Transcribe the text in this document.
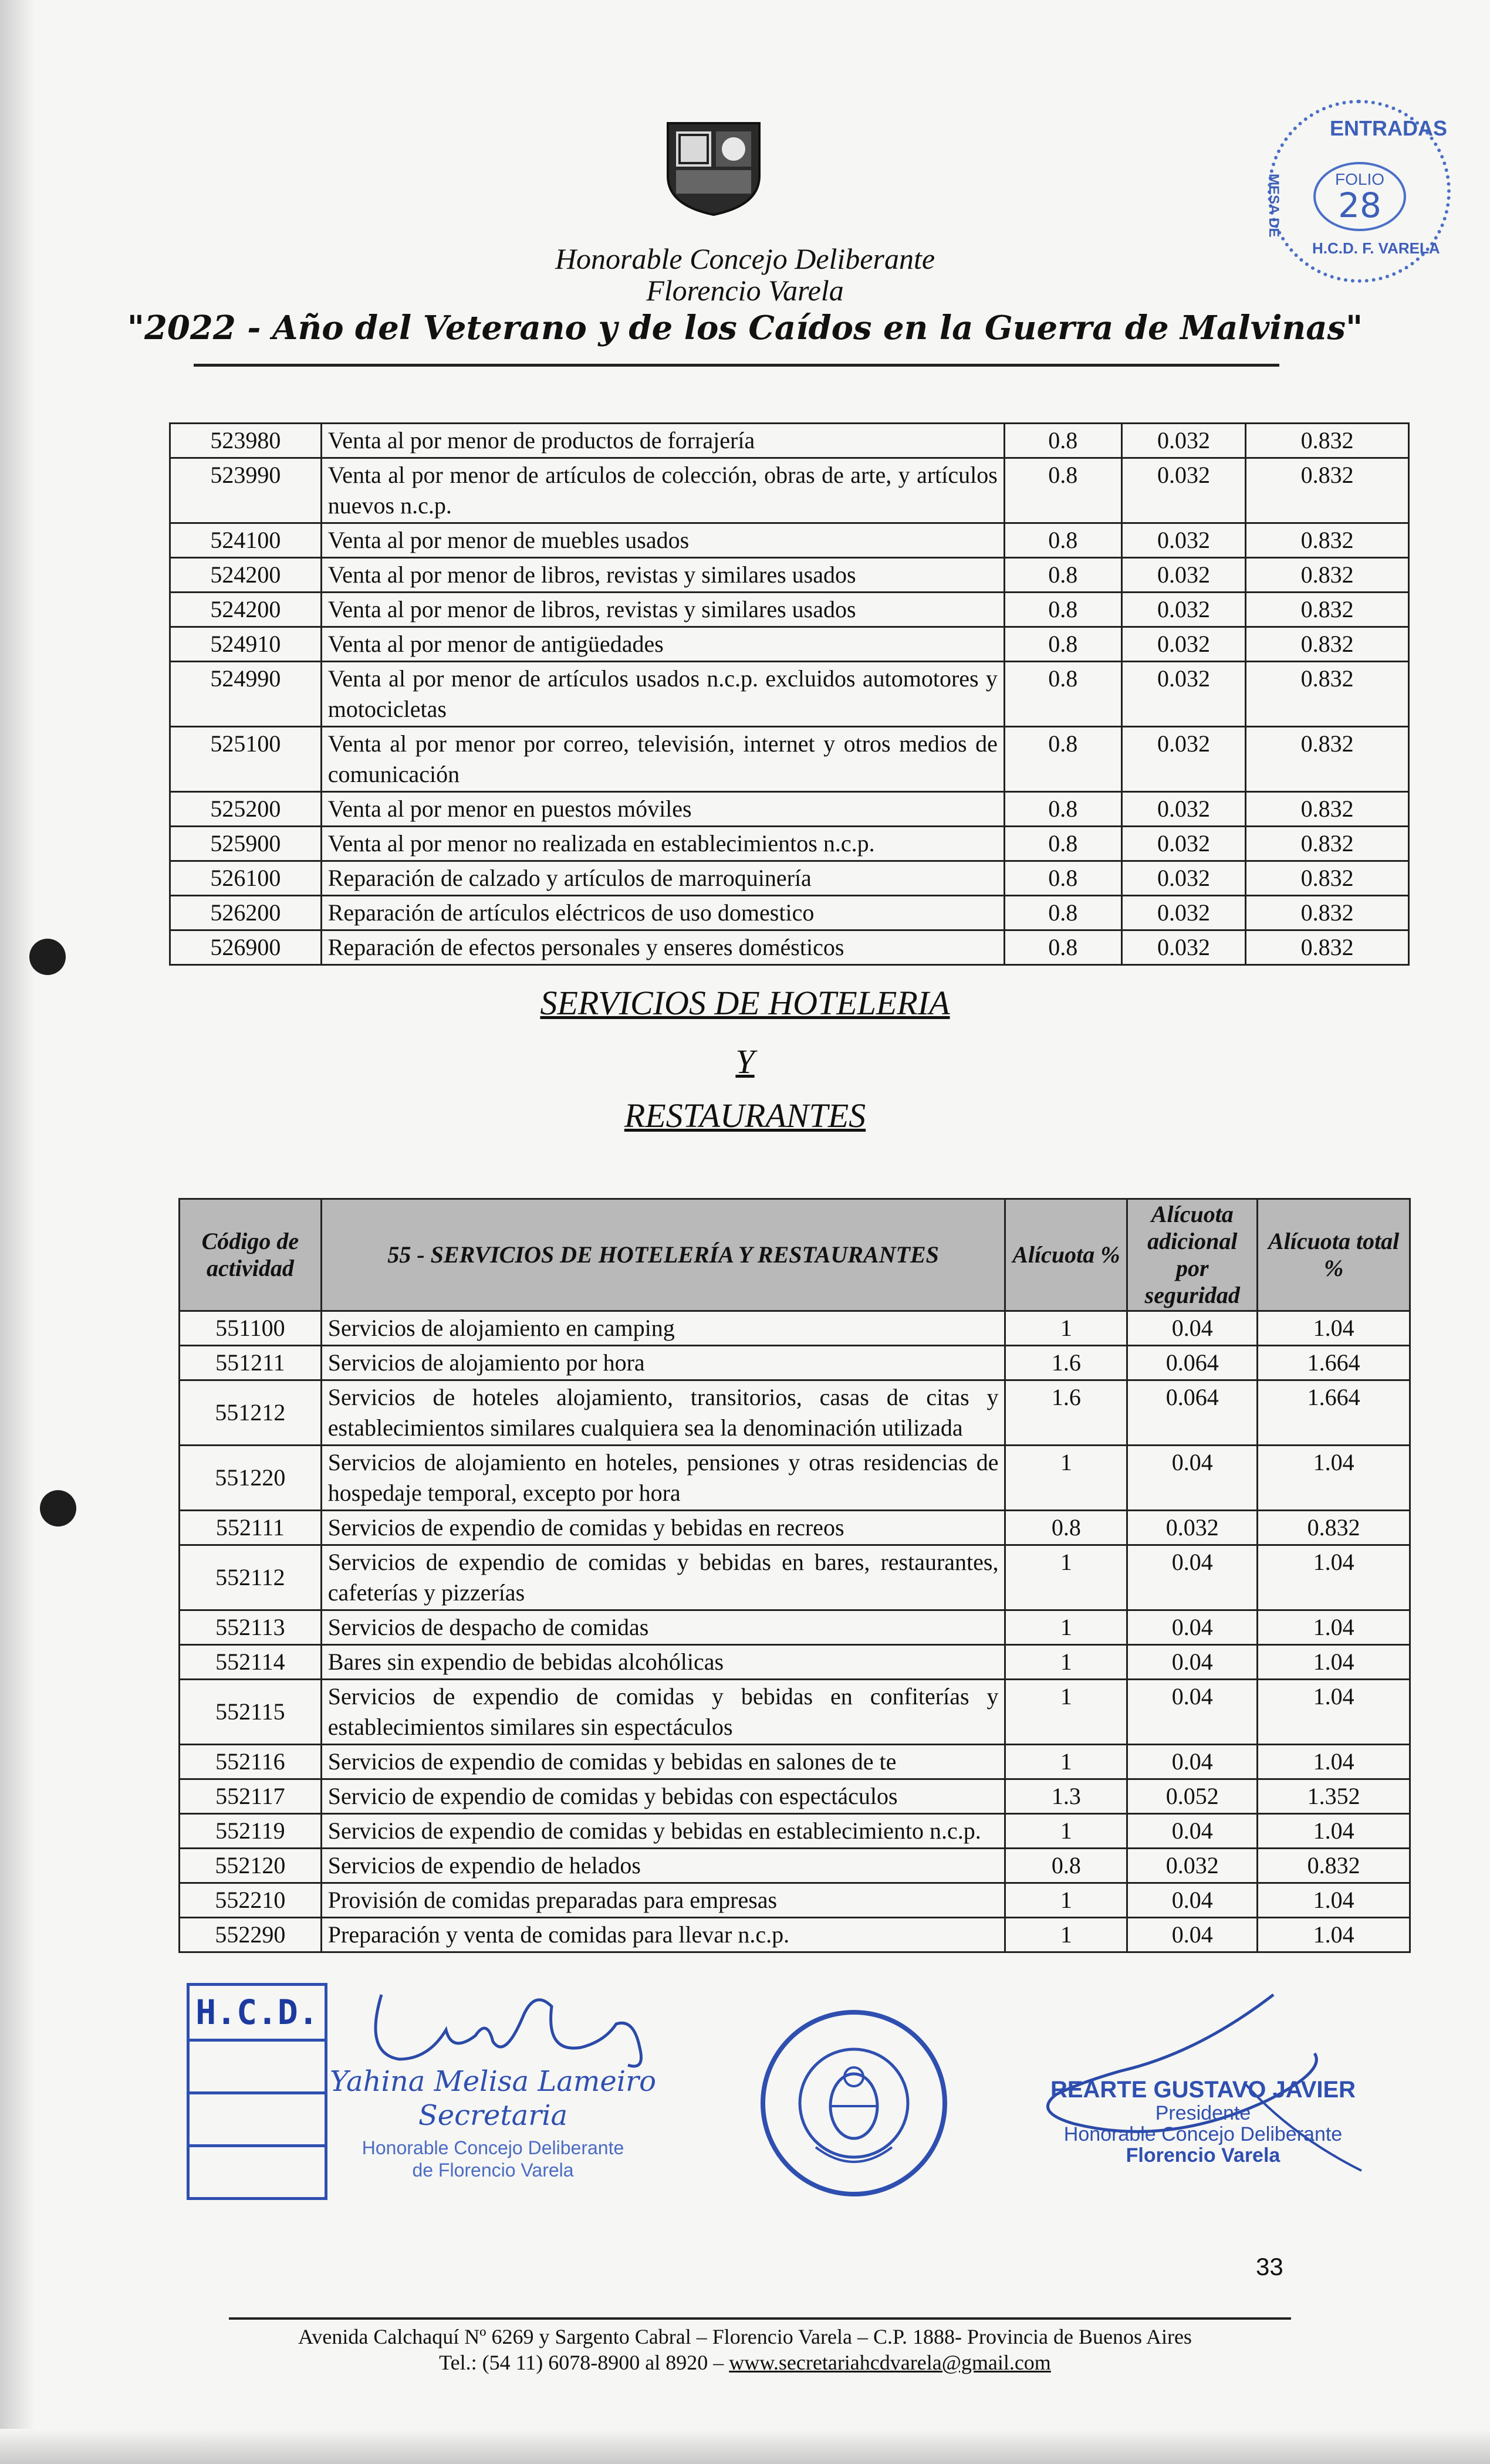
Honorable Concejo Deliberante
Florencio Varela
"2022 - Año del Veterano y de los Caídos en la Guerra de Malvinas"
ENTRADAS
MESA DE	FOLIO
28
H.C.D. F. VARELA
523980	Venta al por menor de productos de forrajería	0.8	0.032	0.832
523990	Venta al por menor de artículos de colección, obras de arte, y artículos nuevos n.c.p.	0.8	0.032	0.832
524100	Venta al por menor de muebles usados	0.8	0.032	0.832
524200	Venta al por menor de libros, revistas y similares usados	0.8	0.032	0.832
524200	Venta al por menor de libros, revistas y similares usados	0.8	0.032	0.832
524910	Venta al por menor de antigüedades	0.8	0.032	0.832
524990	Venta al por menor de artículos usados n.c.p. excluidos automotores y motocicletas	0.8	0.032	0.832
525100	Venta al por menor por correo, televisión, internet y otros medios de comunicación	0.8	0.032	0.832
525200	Venta al por menor en puestos móviles	0.8	0.032	0.832
525900	Venta al por menor no realizada en establecimientos n.c.p.	0.8	0.032	0.832
526100	Reparación de calzado y artículos de marroquinería	0.8	0.032	0.832
526200	Reparación de artículos eléctricos de uso domestico	0.8	0.032	0.832
526900	Reparación de efectos personales y enseres domésticos	0.8	0.032	0.832
SERVICIOS DE HOTELERIA
Y
RESTAURANTES
Código de actividad	55 - SERVICIOS DE HOTELERÍA Y RESTAURANTES	Alícuota %	Alícuota adicional por seguridad	Alícuota total %
551100	Servicios de alojamiento en camping	1	0.04	1.04
551211	Servicios de alojamiento por hora	1.6	0.064	1.664
551212	Servicios de hoteles alojamiento, transitorios, casas de citas y establecimientos similares cualquiera sea la denominación utilizada	1.6	0.064	1.664
551220	Servicios de alojamiento en hoteles, pensiones y otras residencias de hospedaje temporal, excepto por hora	1	0.04	1.04
552111	Servicios de expendio de comidas y bebidas en recreos	0.8	0.032	0.832
552112	Servicios de expendio de comidas y bebidas en bares, restaurantes, cafeterías y pizzerías	1	0.04	1.04
552113	Servicios de despacho de comidas	1	0.04	1.04
552114	Bares sin expendio de bebidas alcohólicas	1	0.04	1.04
552115	Servicios de expendio de comidas y bebidas en confiterías y establecimientos similares sin espectáculos	1	0.04	1.04
552116	Servicios de expendio de comidas y bebidas en salones de te	1	0.04	1.04
552117	Servicio de expendio de comidas y bebidas con espectáculos	1.3	0.052	1.352
552119	Servicios de expendio de comidas y bebidas en establecimiento n.c.p.	1	0.04	1.04
552120	Servicios de expendio de helados	0.8	0.032	0.832
552210	Provisión de comidas preparadas para empresas	1	0.04	1.04
552290	Preparación y venta de comidas para llevar n.c.p.	1	0.04	1.04
H.C.D.
Yahina Melisa Lameiro
Secretaria
Honorable Concejo Deliberante
de Florencio Varela
REARTE GUSTAVO JAVIER
Presidente
Honorable Concejo Deliberante
Florencio Varela
33
Avenida Calchaquí Nº 6269 y Sargento Cabral – Florencio Varela – C.P. 1888- Provincia de Buenos Aires
Tel.: (54 11) 6078-8900 al 8920 – www.secretariahcdvarela@gmail.com
